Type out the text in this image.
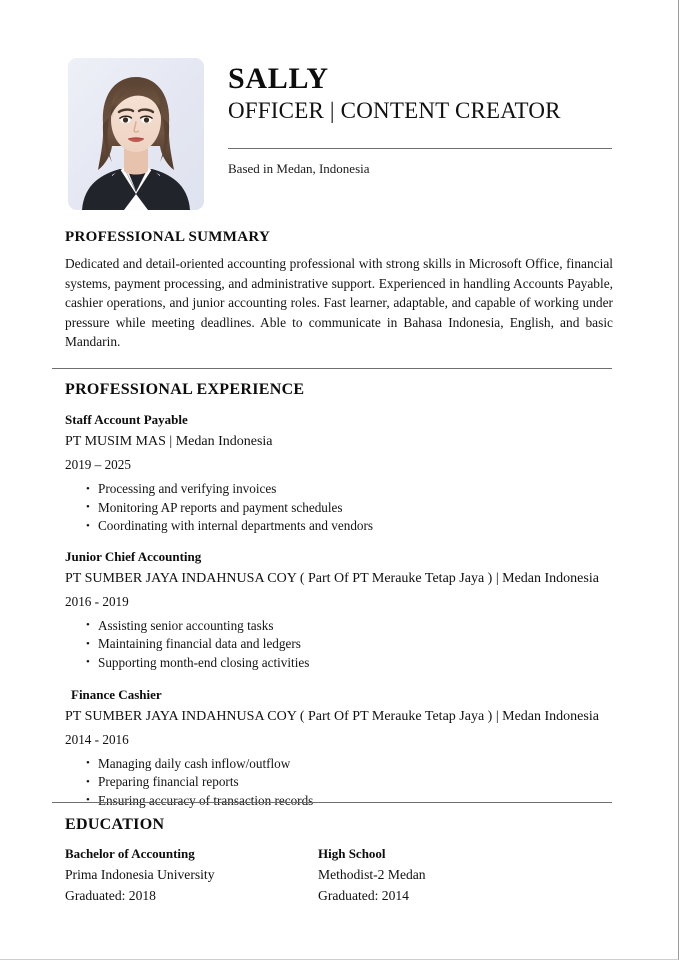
SALLY
OFFICER | CONTENT CREATOR
Based in Medan, Indonesia
PROFESSIONAL SUMMARY
Dedicated and detail-oriented accounting professional with strong skills in Microsoft Office, financial systems, payment processing, and administrative support. Experienced in handling Accounts Payable, cashier operations, and junior accounting roles. Fast learner, adaptable, and capable of working under pressure while meeting deadlines. Able to communicate in Bahasa Indonesia, English, and basic Mandarin.
PROFESSIONAL EXPERIENCE
Staff Account Payable
PT MUSIM MAS | Medan Indonesia
2019 – 2025
• Processing and verifying invoices
• Monitoring AP reports and payment schedules
• Coordinating with internal departments and vendors
Junior Chief Accounting
PT SUMBER JAYA INDAHNUSA COY ( Part Of PT Merauke Tetap Jaya ) | Medan Indonesia
2016 - 2019
• Assisting senior accounting tasks
• Maintaining financial data and ledgers
• Supporting month-end closing activities
Finance Cashier
PT SUMBER JAYA INDAHNUSA COY ( Part Of PT Merauke Tetap Jaya ) | Medan Indonesia
2014 - 2016
• Managing daily cash inflow/outflow
• Preparing financial reports
• Ensuring accuracy of transaction records
EDUCATION
Bachelor of Accounting
Prima Indonesia University
Graduated: 2018
High School
Methodist-2 Medan
Graduated: 2014
